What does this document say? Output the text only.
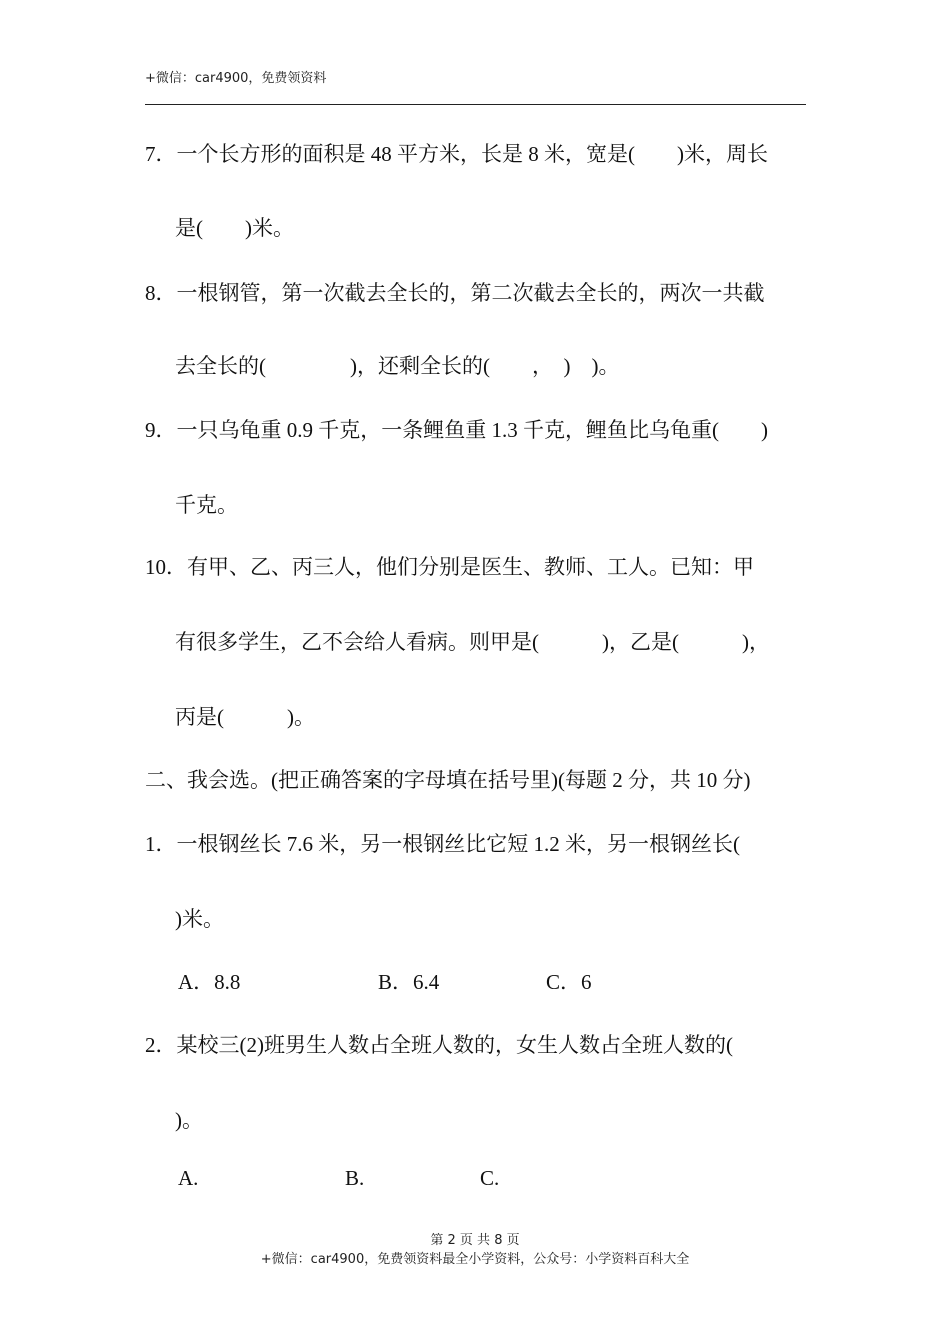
+微信：car4900，免费领资料
7．一个长方形的面积是 48 平方米，长是 8 米，宽是(　　)米，周长
是(　　)米。
8．一根钢管，第一次截去全长的，第二次截去全长的，两次一共截
去全长的(　　　　)，还剩全长的(　　，　)　)。
9．一只乌龟重 0.9 千克，一条鲤鱼重 1.3 千克，鲤鱼比乌龟重(　　)
千克。
10．有甲、乙、丙三人，他们分别是医生、教师、工人。已知：甲
有很多学生，乙不会给人看病。则甲是(　　　)，乙是(　　　)，
丙是(　　　)。
二、我会选。(把正确答案的字母填在括号里)(每题 2 分，共 10 分)
1．一根钢丝长 7.6 米，另一根钢丝比它短 1.2 米，另一根钢丝长(
)米。
A．8.8	B．6.4	C．6
2．某校三(2)班男生人数占全班人数的，女生人数占全班人数的(
)。
A.	B.	C.
第 2 页 共 8 页
+微信：car4900，免费领资料最全小学资料，公众号：小学资料百科大全
